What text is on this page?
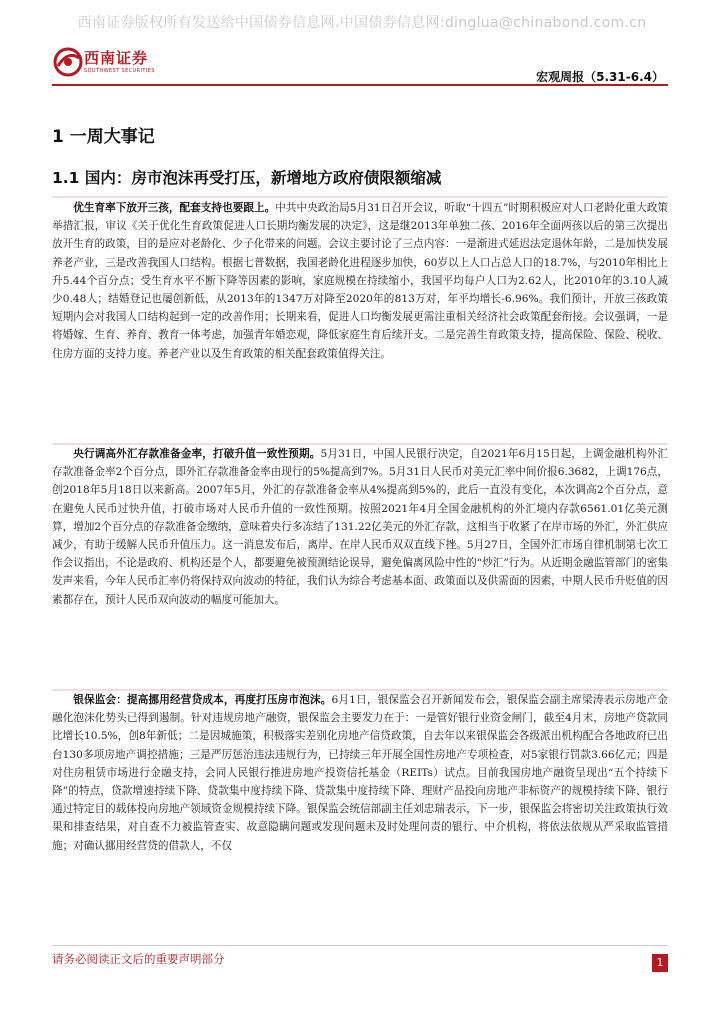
西南证券版权所有发送给中国债券信息网.中国债券信息网:dinglua@chinabond.com.cn
西南证券
SOUTHWEST SECURITIES	宏观周报（5.31-6.4）
1 一周大事记
1.1 国内：房市泡沫再受打压，新增地方政府债限额缩减

优生育率下放开三孩，配套支持也要跟上。中共中央政治局5月31日召开会议，听取“十四五”时期积极应对人口老龄化重大政策举措汇报，审议《关于优化生育政策促进人口长期均衡发展的决定》，这是继2013年单独二孩、2016年全面两孩以后的第三次提出放开生育的政策，目的是应对老龄化、少子化带来的问题。会议主要讨论了三点内容：一是渐进式延迟法定退休年龄，二是加快发展养老产业，三是改善我国人口结构。根据七普数据，我国老龄化进程逐步加快，60岁以上人口占总人口的18.7%，与2010年相比上升5.44个百分点；受生育水平不断下降等因素的影响，家庭规模在持续缩小，我国平均每户人口为2.62人，比2010年的3.10人减少0.48人；结婚登记也屡创新低，从2013年的1347万对降至2020年的813万对，年平均增长-6.96%。我们预计，开放三孩政策短期内会对我国人口结构起到一定的改善作用；长期来看，促进人口均衡发展更需注重相关经济社会政策配套衔接。会议强调，一是将婚嫁、生育、养育、教育一体考虑，加强青年婚恋观，降低家庭生育后续开支。二是完善生育政策支持，提高保险、保险、税收、住房方面的支持力度。养老产业以及生育政策的相关配套政策值得关注。

央行调高外汇存款准备金率，打破升值一致性预期。5月31日，中国人民银行决定，自2021年6月15日起，上调金融机构外汇存款准备金率2个百分点，即外汇存款准备金率由现行的5%提高到7%。5月31日人民币对美元汇率中间价报6.3682，上调176点，创2018年5月18日以来新高。2007年5月，外汇的存款准备金率从4%提高到5%的，此后一直没有变化，本次调高2个百分点，意在避免人民币过快升值，打破市场对人民币升值的一致性预期。按照2021年4月全国金融机构的外汇境内存款6561.01亿美元测算，增加2个百分点的存款准备金缴纳，意味着央行多冻结了131.22亿美元的外汇存款，这相当于收紧了在岸市场的外汇，外汇供应减少，有助于缓解人民币升值压力。这一消息发布后，离岸、在岸人民币双双直线下挫。5月27日，全国外汇市场自律机制第七次工作会议指出，不论是政府、机构还是个人，都要避免被预测结论误导，避免偏离风险中性的“炒汇”行为。从近期金融监管部门的密集发声来看，今年人民币汇率仍将保持双向波动的特征，我们认为综合考虑基本面、政策面以及供需面的因素，中期人民币升贬值的因素都存在，预计人民币双向波动的幅度可能加大。

银保监会：提高挪用经营贷成本，再度打压房市泡沫。6月1日，银保监会召开新闻发布会，银保监会副主席梁涛表示房地产金融化泡沫化势头已得到遏制。针对违规房地产融资，银保监会主要发力在于：一是管好银行业资金闸门，截至4月末，房地产贷款同比增长10.5%，创8年新低；二是因城施策，积极落实差别化房地产信贷政策，自去年以来银保监会各级派出机构配合各地政府已出台130多项房地产调控措施；三是严厉惩治违法违规行为，已持续三年开展全国性房地产专项检查，对5家银行罚款3.66亿元；四是对住房租赁市场进行金融支持，会同人民银行推进房地产投资信托基金（REITs）试点。目前我国房地产融资呈现出“五个持续下降”的特点，贷款增速持续下降、贷款集中度持续下降、贷款集中度持续下降、理财产品投向房地产非标资产的规模持续下降、银行通过特定目的载体投向房地产领域资金规模持续下降。银保监会统信部副主任刘忠瑞表示，下一步，银保监会将密切关注政策执行效果和排查结果，对自查不力被监管查实、故意隐瞒问题或发现问题未及时处理问责的银行、中介机构，将依法依规从严采取监管措施；对确认挪用经营贷的借款人，不仅

请务必阅读正文后的重要声明部分	1
